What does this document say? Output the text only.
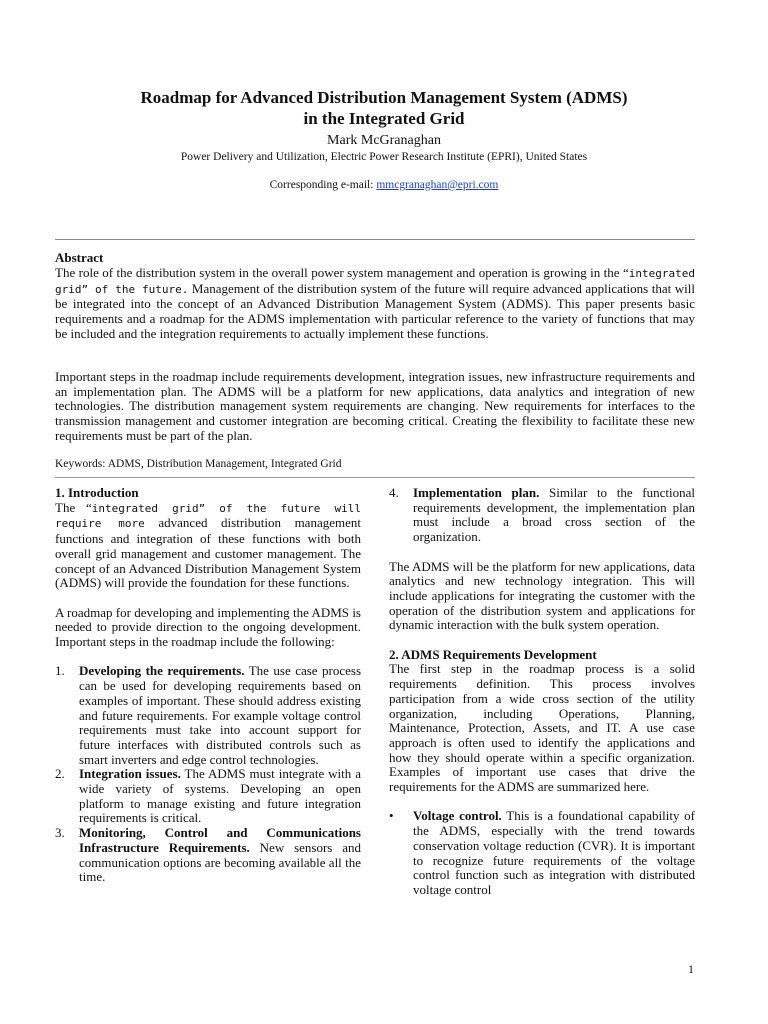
Roadmap for Advanced Distribution Management System (ADMS)
in the Integrated Grid
Mark McGranaghan
Power Delivery and Utilization, Electric Power Research Institute (EPRI), United States
Corresponding e-mail: mmcgranaghan@epri.com
Abstract

The role of the distribution system in the overall power system management and operation is growing in the “integrated grid” of the future. Management of the distribution system of the future will require advanced applications that will be integrated into the concept of an Advanced Distribution Management System (ADMS). This paper presents basic requirements and a roadmap for the ADMS implementation with particular reference to the variety of functions that may be included and the integration requirements to actually implement these functions.

Important steps in the roadmap include requirements development, integration issues, new infrastructure requirements and an implementation plan. The ADMS will be a platform for new applications, data analytics and integration of new technologies. The distribution management system requirements are changing. New requirements for interfaces to the transmission management and customer integration are becoming critical. Creating the flexibility to facilitate these new requirements must be part of the plan.

Keywords: ADMS, Distribution Management, Integrated Grid

1. Introduction

The “integrated grid” of the future will require more advanced distribution management functions and integration of these functions with both overall grid management and customer management. The concept of an Advanced Distribution Management System (ADMS) will provide the foundation for these functions.

A roadmap for developing and implementing the ADMS is needed to provide direction to the ongoing development. Important steps in the roadmap include the following:

1.	Developing the requirements. The use case process can be used for developing requirements based on examples of important. These should address existing and future requirements. For example voltage control requirements must take into account support for future interfaces with distributed controls such as smart inverters and edge control technologies.

2.	Integration issues. The ADMS must integrate with a wide variety of systems. Developing an open platform to manage existing and future integration requirements is critical.

3.	Monitoring, Control and Communications Infrastructure Requirements. New sensors and communication options are becoming available all the time.

4.	Implementation plan. Similar to the functional requirements development, the implementation plan must include a broad cross section of the organization.

The ADMS will be the platform for new applications, data analytics and new technology integration. This will include applications for integrating the customer with the operation of the distribution system and applications for dynamic interaction with the bulk system operation.

2. ADMS Requirements Development

The first step in the roadmap process is a solid requirements definition. This process involves participation from a wide cross section of the utility organization, including Operations, Planning, Maintenance, Protection, Assets, and IT. A use case approach is often used to identify the applications and how they should operate within a specific organization. Examples of important use cases that drive the requirements for the ADMS are summarized here.

•	Voltage control. This is a foundational capability of the ADMS, especially with the trend towards conservation voltage reduction (CVR). It is important to recognize future requirements of the voltage control function such as integration with distributed voltage control

1
